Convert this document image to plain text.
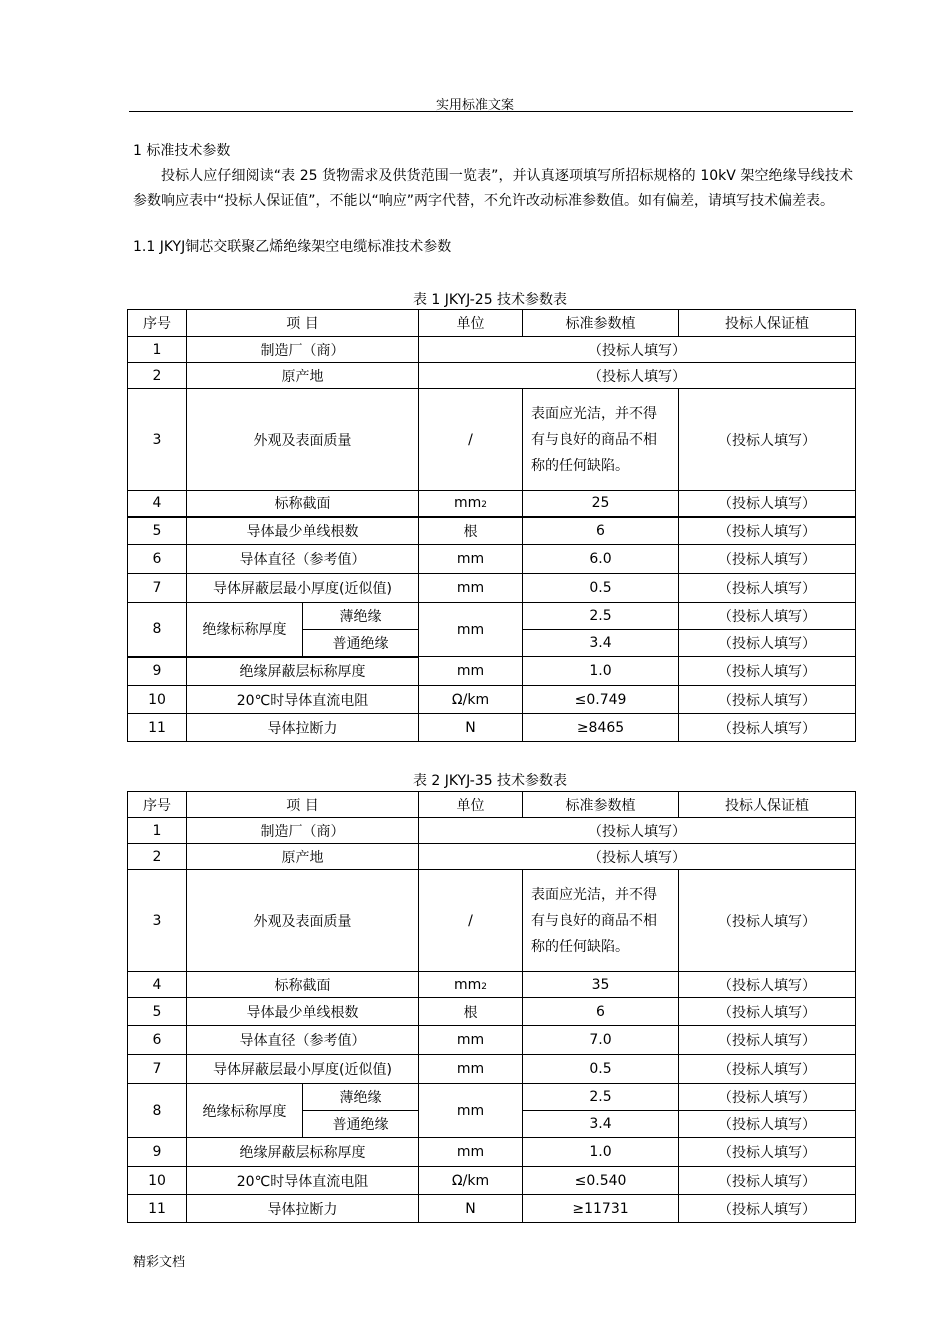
实用标准文案
1 标准技术参数

投标人应仔细阅读“表 25 货物需求及供货范围一览表”，并认真逐项填写所招标规格的 10kV 架空绝缘导线技术参数响应表中“投标人保证值”，不能以“响应”两字代替，不允许改动标准参数值。如有偏差，请填写技术偏差表。

1.1 JKYJ铜芯交联聚乙烯绝缘架空电缆标准技术参数
表 1 JKYJ-25 技术参数表
序号	项 目		单位	标准参数植	投标人保证植
1	制造厂（商）		（投标人填写）		
2	原产地		（投标人填写）		
3	外观及表面质量		/	表面应光洁，并不得有与良好的商品不相称的任何缺陷。	（投标人填写）
4	标称截面		mm2	25	（投标人填写）
5	导体最少单线根数		根	6	（投标人填写）
6	导体直径（参考值）		mm	6.0	（投标人填写）
7	导体屏蔽层最小厚度(近似值)		mm	0.5	（投标人填写）
8	绝缘标称厚度	薄绝缘	mm	2.5	（投标人填写）
		普通绝缘		3.4	（投标人填写）
9	绝缘屏蔽层标称厚度		mm	1.0	（投标人填写）
10	20℃时导体直流电阻		Ω/km	≤0.749	（投标人填写）
11	导体拉断力		N	≥8465	（投标人填写）
表 2 JKYJ-35 技术参数表
序号	项 目		单位	标准参数植	投标人保证植
1	制造厂（商）		（投标人填写）		
2	原产地		（投标人填写）		
3	外观及表面质量		/	表面应光洁，并不得有与良好的商品不相称的任何缺陷。	（投标人填写）
4	标称截面		mm2	35	（投标人填写）
5	导体最少单线根数		根	6	（投标人填写）
6	导体直径（参考值）		mm	7.0	（投标人填写）
7	导体屏蔽层最小厚度(近似值)		mm	0.5	（投标人填写）
8	绝缘标称厚度	薄绝缘	mm	2.5	（投标人填写）
		普通绝缘		3.4	（投标人填写）
9	绝缘屏蔽层标称厚度		mm	1.0	（投标人填写）
10	20℃时导体直流电阻		Ω/km	≤0.540	（投标人填写）
11	导体拉断力		N	≥11731	（投标人填写）
精彩文档
